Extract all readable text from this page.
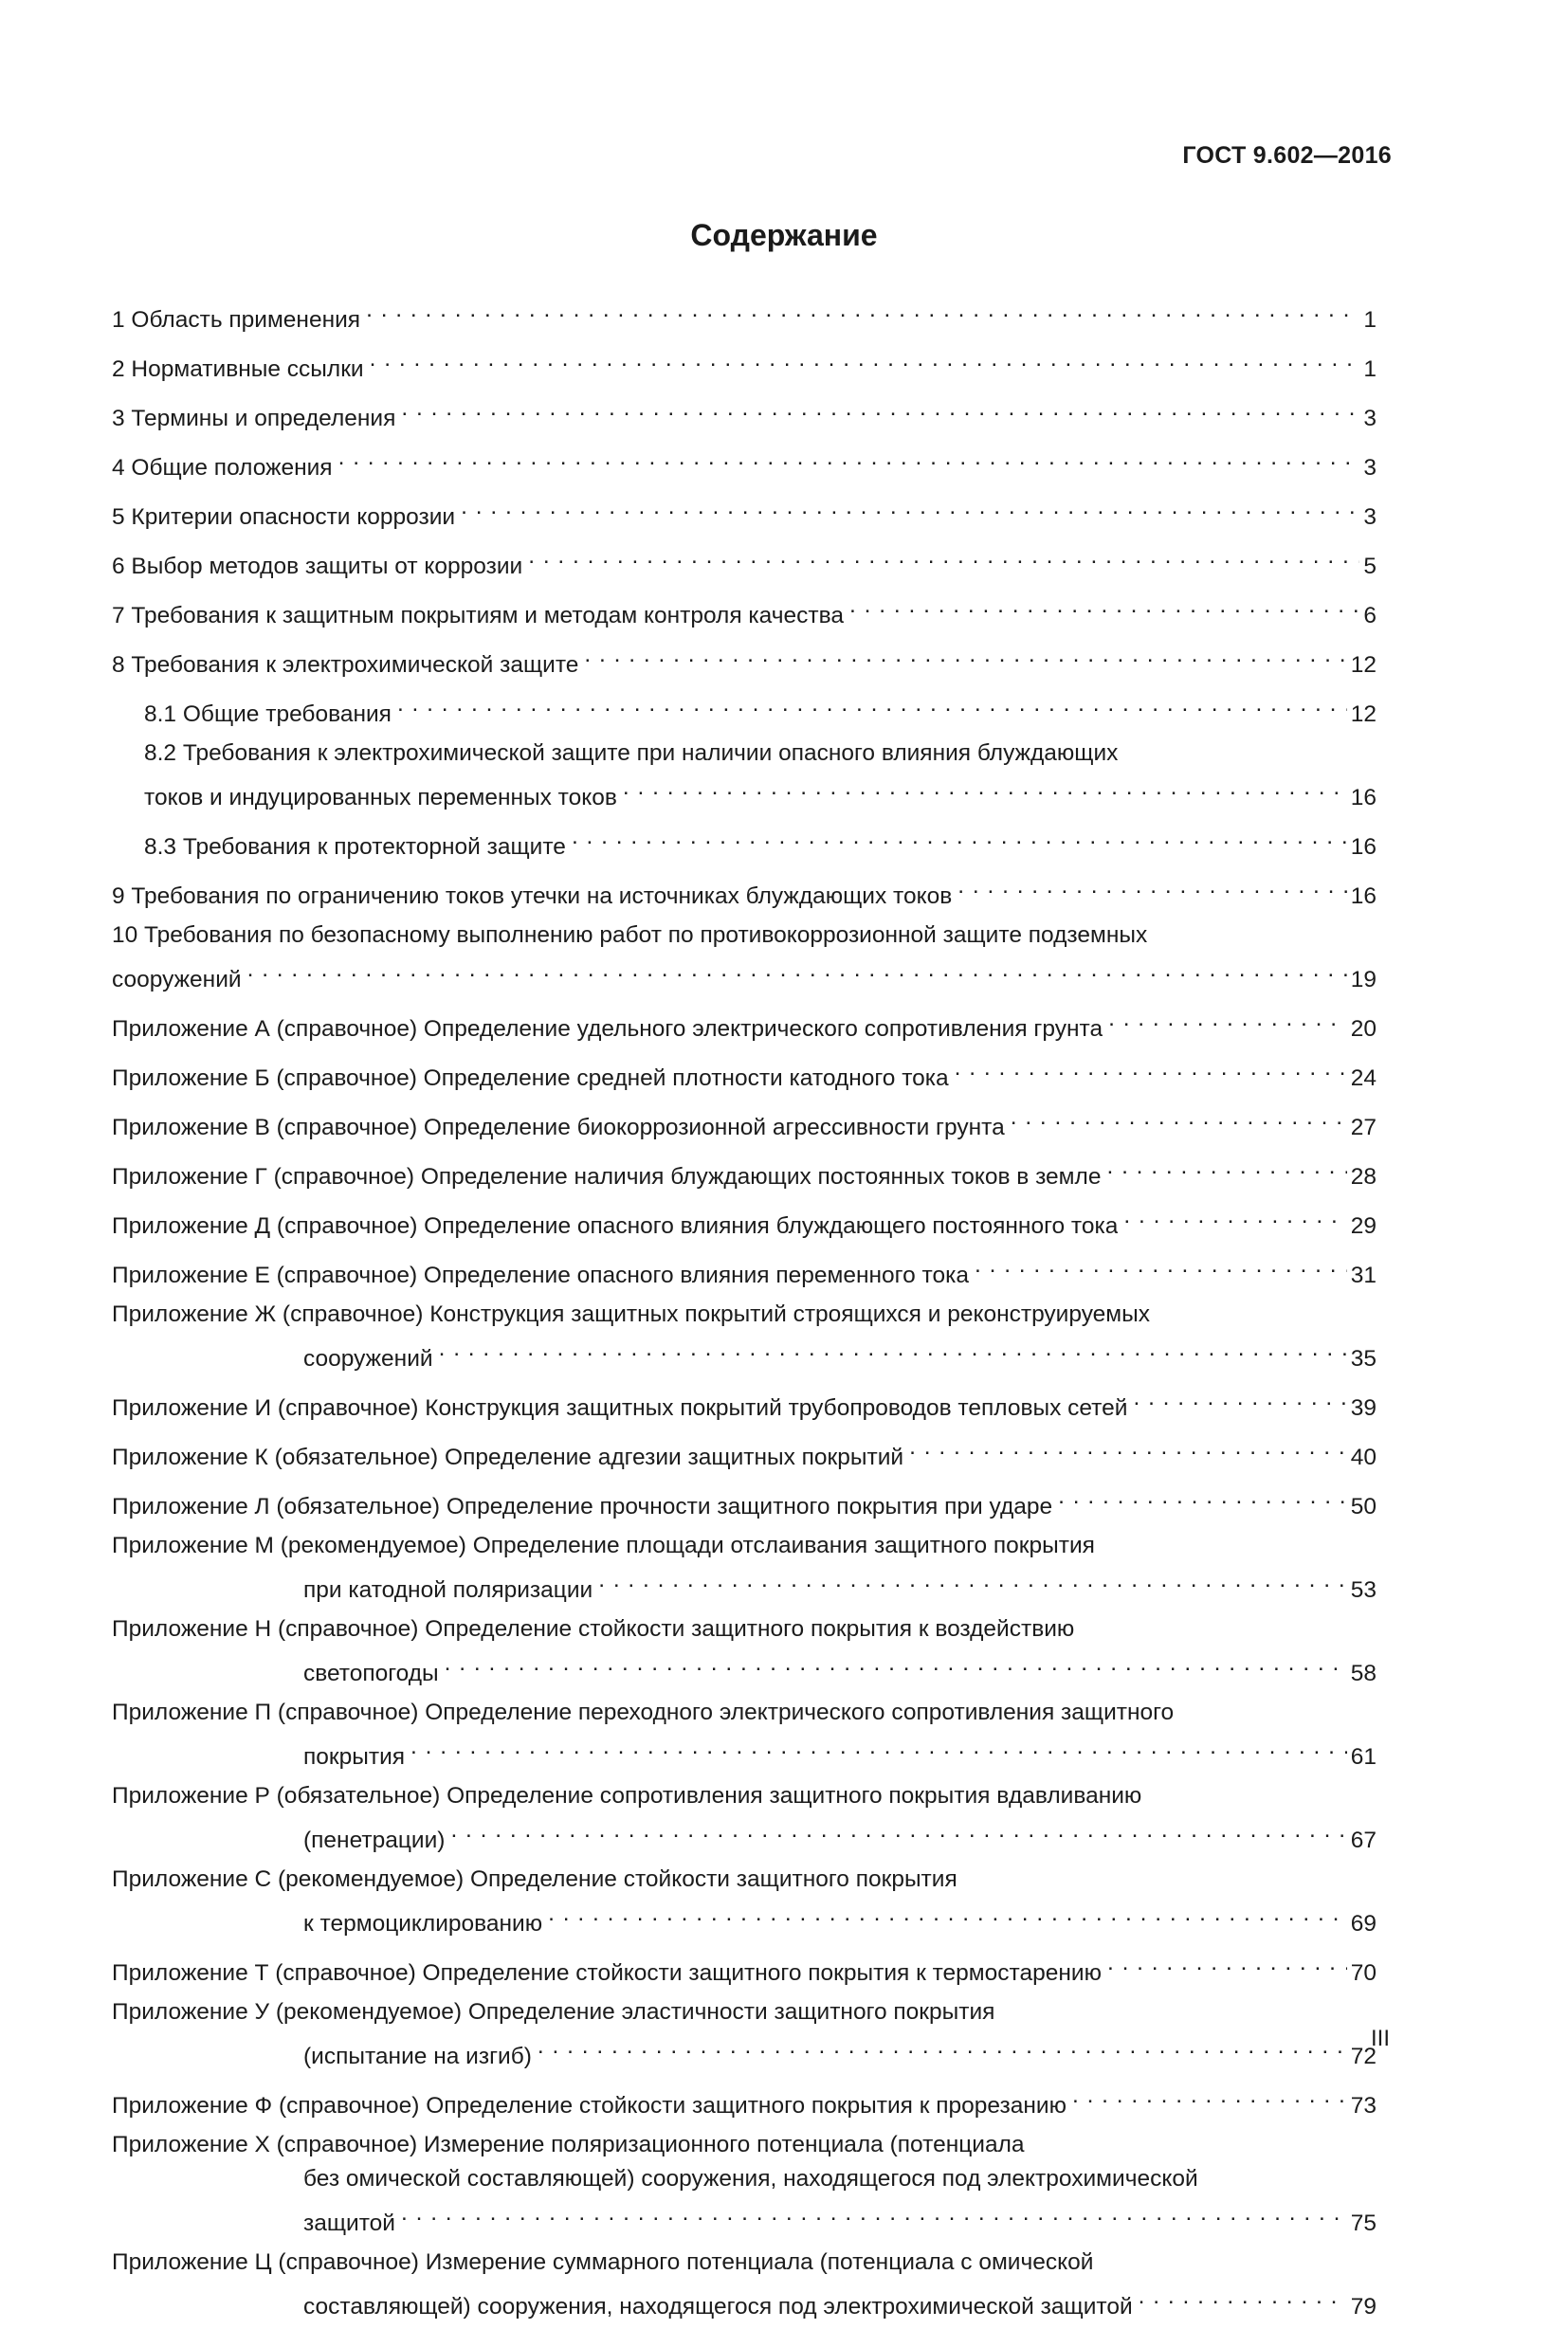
ГОСТ 9.602—2016
Содержание
1 Область применения . . .	1
2 Нормативные ссылки . . .	1
3 Термины и определения . . .	3
4 Общие положения . . .	3
5 Критерии опасности коррозии . . .	3
6 Выбор методов защиты от коррозии . . .	5
7 Требования к защитным покрытиям и методам контроля качества . . .	6
8 Требования к электрохимической защите . . .	12
8.1 Общие требования . . .	12
8.2 Требования к электрохимической защите при наличии опасного влияния блуждающих
токов и индуцированных переменных токов . . .	16
8.3 Требования к протекторной защите . . .	16
9 Требования по ограничению токов утечки на источниках блуждающих токов . . .	16
10 Требования по безопасному выполнению работ по противокоррозионной защите подземных
сооружений . . .	19
Приложение А (справочное) Определение удельного электрического сопротивления грунта . . .	20
Приложение Б (справочное) Определение средней плотности катодного тока . . .	24
Приложение В (справочное) Определение биокоррозионной агрессивности грунта . . .	27
Приложение Г (справочное) Определение наличия блуждающих постоянных токов в земле . . .	28
Приложение Д (справочное) Определение опасного влияния блуждающего постоянного тока . . .	29
Приложение Е (справочное) Определение опасного влияния переменного тока . . .	31
Приложение Ж (справочное) Конструкция защитных покрытий строящихся и реконструируемых
сооружений . . .	35
Приложение И (справочное) Конструкция защитных покрытий трубопроводов тепловых сетей . . .	39
Приложение К (обязательное) Определение адгезии защитных покрытий . . .	40
Приложение Л (обязательное) Определение прочности защитного покрытия при ударе . . .	50
Приложение М (рекомендуемое) Определение площади отслаивания защитного покрытия
при катодной поляризации . . .	53
Приложение Н (справочное) Определение стойкости защитного покрытия к воздействию
светопогоды . . .	58
Приложение П (справочное) Определение переходного электрического сопротивления защитного
покрытия . . .	61
Приложение Р (обязательное) Определение сопротивления защитного покрытия вдавливанию
(пенетрации) . . .	67
Приложение С (рекомендуемое) Определение стойкости защитного покрытия
к термоциклированию . . .	69
Приложение Т (справочное) Определение стойкости защитного покрытия к термостарению . . .	70
Приложение У (рекомендуемое) Определение эластичности защитного покрытия
(испытание на изгиб) . . .	72
Приложение Ф (справочное) Определение стойкости защитного покрытия к прорезанию . . .	73
Приложение Х (справочное) Измерение поляризационного потенциала (потенциала
без омической составляющей) сооружения, находящегося под электрохимической
защитой . . .	75
Приложение Ц (справочное) Измерение суммарного потенциала (потенциала с омической
составляющей) сооружения, находящегося под электрохимической защитой . . .	79
III
